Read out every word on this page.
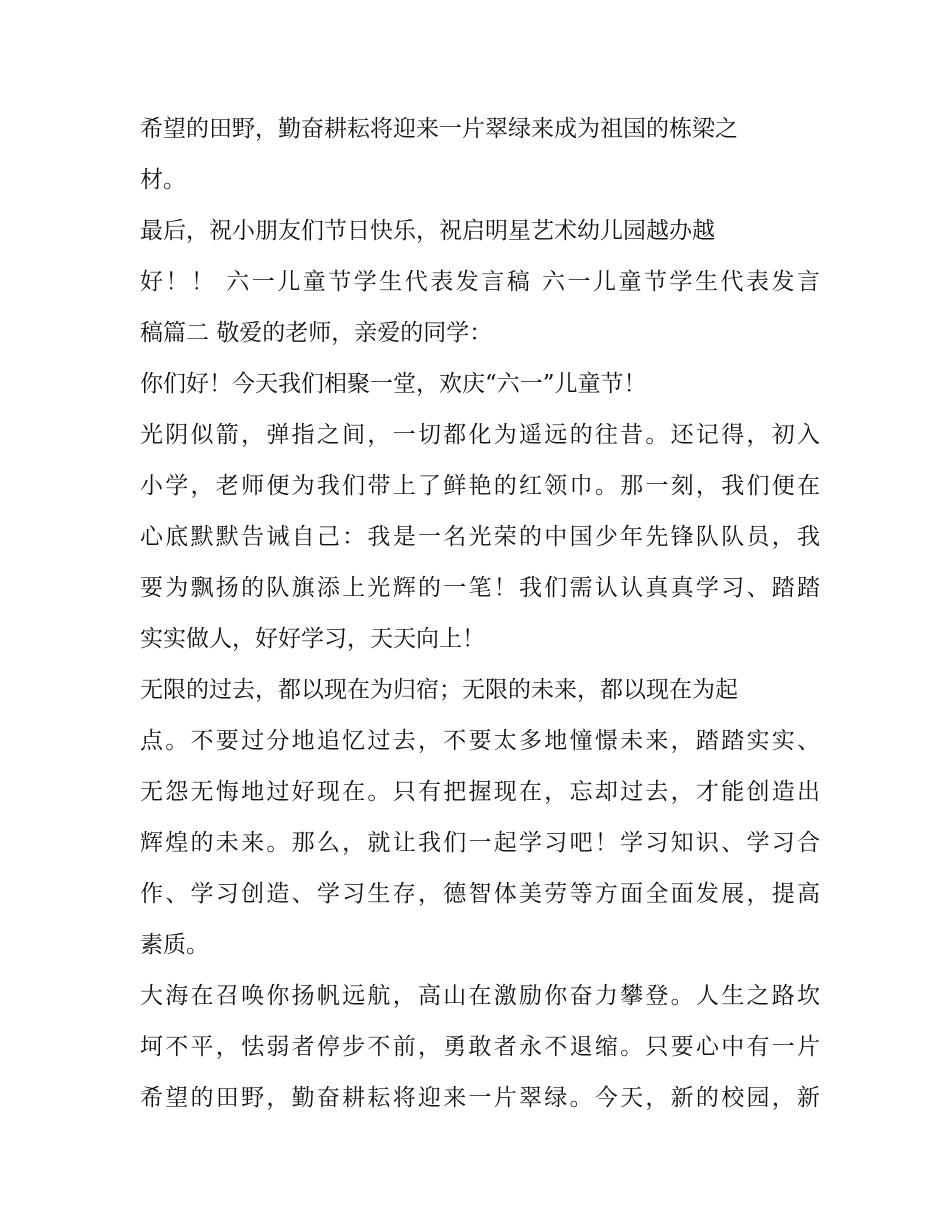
希望的田野，勤奋耕耘将迎来一片翠绿来成为祖国的栋梁之
材。
最后，祝小朋友们节日快乐，祝启明星艺术幼儿园越办越
好！！ 六一儿童节学生代表发言稿 六一儿童节学生代表发言
稿篇二 敬爱的老师，亲爱的同学：
你们好！今天我们相聚一堂，欢庆“六一”儿童节！
光阴似箭，弹指之间，一切都化为遥远的往昔。还记得，初入
小学，老师便为我们带上了鲜艳的红领巾。那一刻，我们便在
心底默默告诫自己：我是一名光荣的中国少年先锋队队员，我
要为飘扬的队旗添上光辉的一笔！我们需认认真真学习、踏踏
实实做人，好好学习，天天向上！
无限的过去，都以现在为归宿；无限的未来，都以现在为起
点。不要过分地追忆过去，不要太多地憧憬未来，踏踏实实、
无怨无悔地过好现在。只有把握现在，忘却过去，才能创造出
辉煌的未来。那么，就让我们一起学习吧！学习知识、学习合
作、学习创造、学习生存，德智体美劳等方面全面发展，提高
素质。
大海在召唤你扬帆远航，高山在激励你奋力攀登。人生之路坎
坷不平，怯弱者停步不前，勇敢者永不退缩。只要心中有一片
希望的田野，勤奋耕耘将迎来一片翠绿。今天，新的校园，新
